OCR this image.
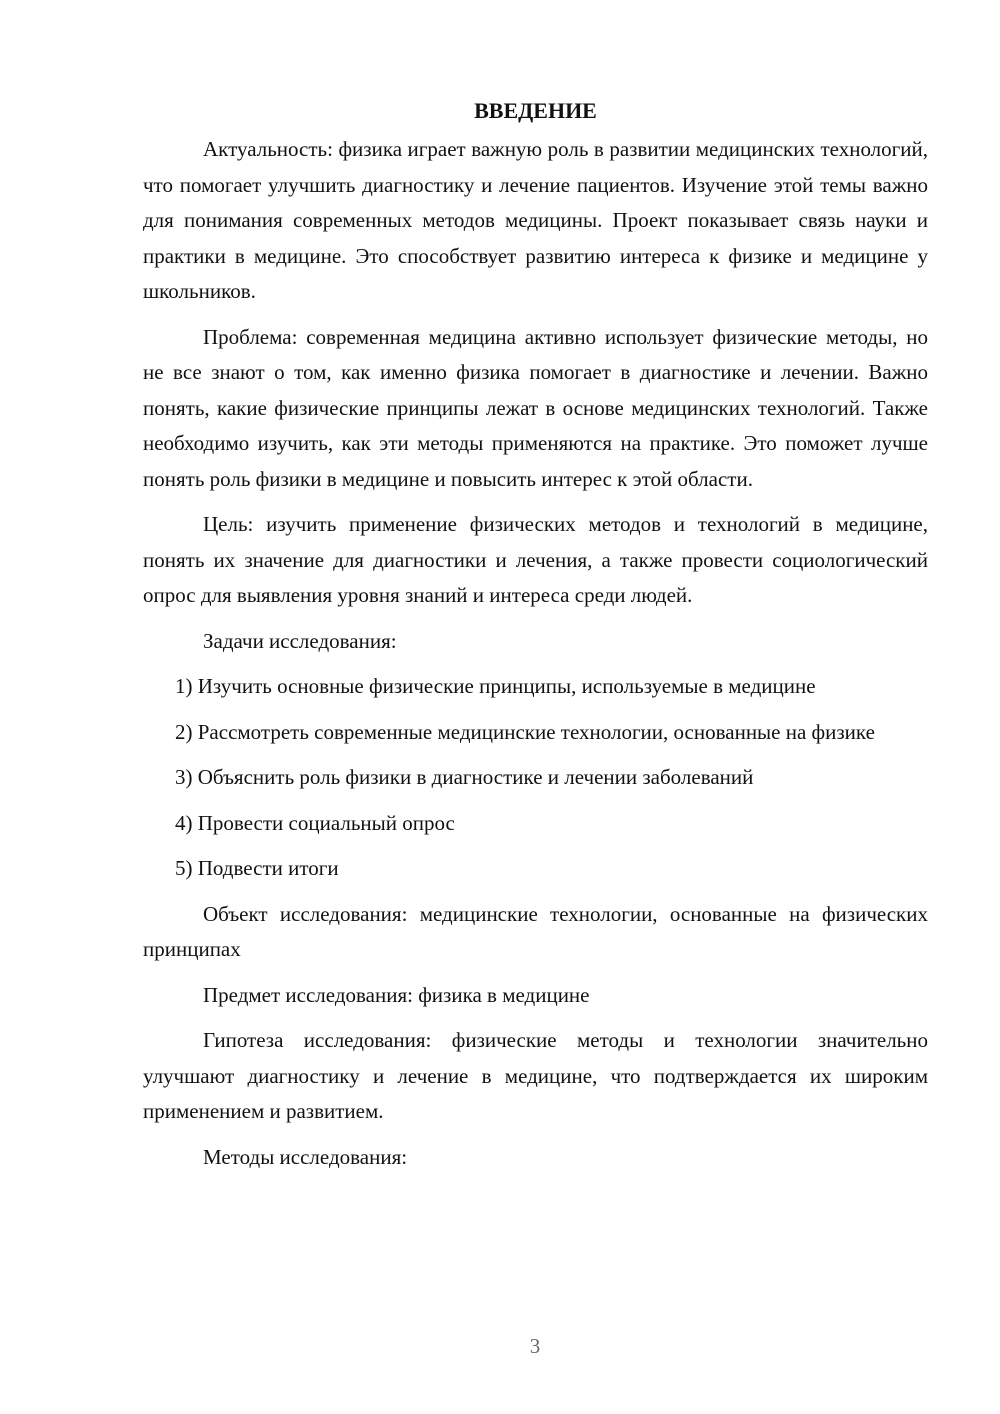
ВВЕДЕНИЕ

Актуальность: физика играет важную роль в развитии медицинских технологий, что помогает улучшить диагностику и лечение пациентов. Изучение этой темы важно для понимания современных методов медицины. Проект показывает связь науки и практики в медицине. Это способствует развитию интереса к физике и медицине у школьников.

Проблема: современная медицина активно использует физические методы, но не все знают о том, как именно физика помогает в диагностике и лечении. Важно понять, какие физические принципы лежат в основе медицинских технологий. Также необходимо изучить, как эти методы применяются на практике. Это поможет лучше понять роль физики в медицине и повысить интерес к этой области.

Цель: изучить применение физических методов и технологий в медицине, понять их значение для диагностики и лечения, а также провести социологический опрос для выявления уровня знаний и интереса среди людей.

Задачи исследования:

1) Изучить основные физические принципы, используемые в медицине

2) Рассмотреть современные медицинские технологии, основанные на физике

3) Объяснить роль физики в диагностике и лечении заболеваний

4) Провести социальный опрос

5) Подвести итоги

Объект исследования: медицинские технологии, основанные на физических принципах

Предмет исследования: физика в медицине

Гипотеза исследования: физические методы и технологии значительно улучшают диагностику и лечение в медицине, что подтверждается их широким применением и развитием.

Методы исследования:

3
